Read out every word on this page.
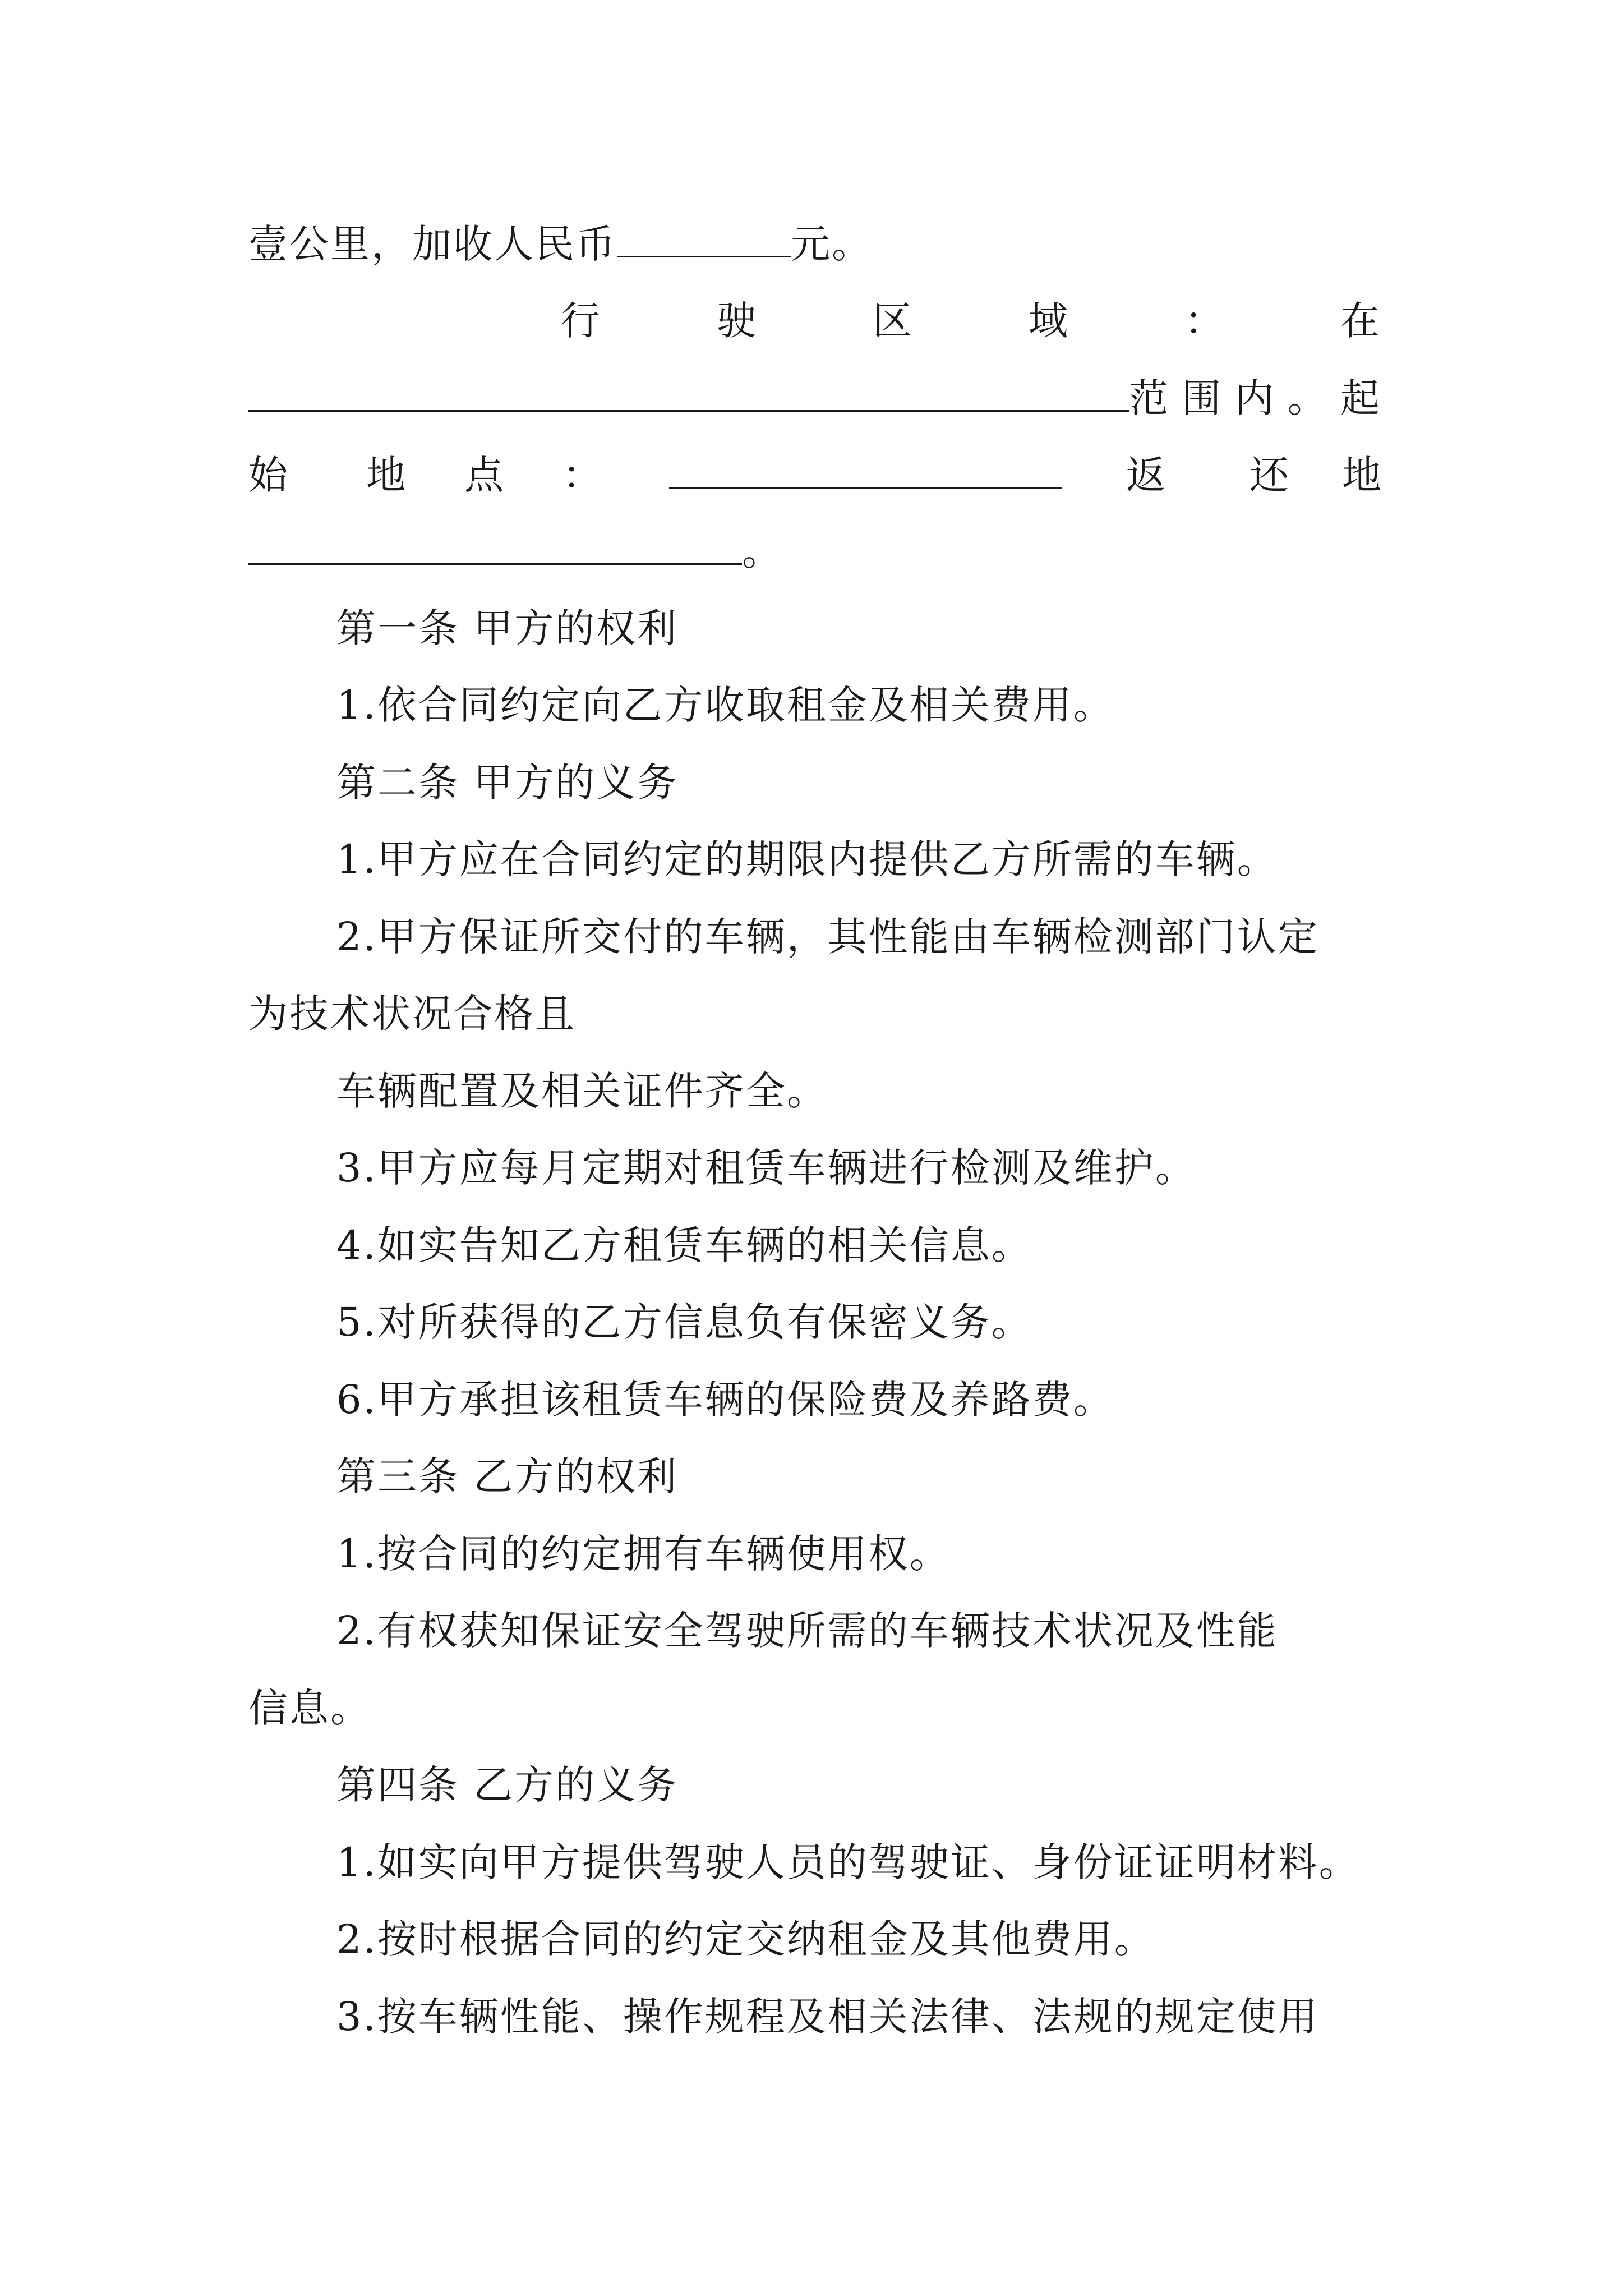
壹公里，加收人民币	元。
行	驶	区	域	：	在
范围内。起
始 地 点 ：	返 还 地
。
第一条 甲方的权利
1.依合同约定向乙方收取租金及相关费用。
第二条 甲方的义务
1.甲方应在合同约定的期限内提供乙方所需的车辆。
2.甲方保证所交付的车辆，其性能由车辆检测部门认定
为技术状况合格且
车辆配置及相关证件齐全。
3.甲方应每月定期对租赁车辆进行检测及维护。
4.如实告知乙方租赁车辆的相关信息。
5.对所获得的乙方信息负有保密义务。
6.甲方承担该租赁车辆的保险费及养路费。
第三条 乙方的权利
1.按合同的约定拥有车辆使用权。
2.有权获知保证安全驾驶所需的车辆技术状况及性能
信息。
第四条 乙方的义务
1.如实向甲方提供驾驶人员的驾驶证、身份证证明材料。
2.按时根据合同的约定交纳租金及其他费用。
3.按车辆性能、操作规程及相关法律、法规的规定使用
